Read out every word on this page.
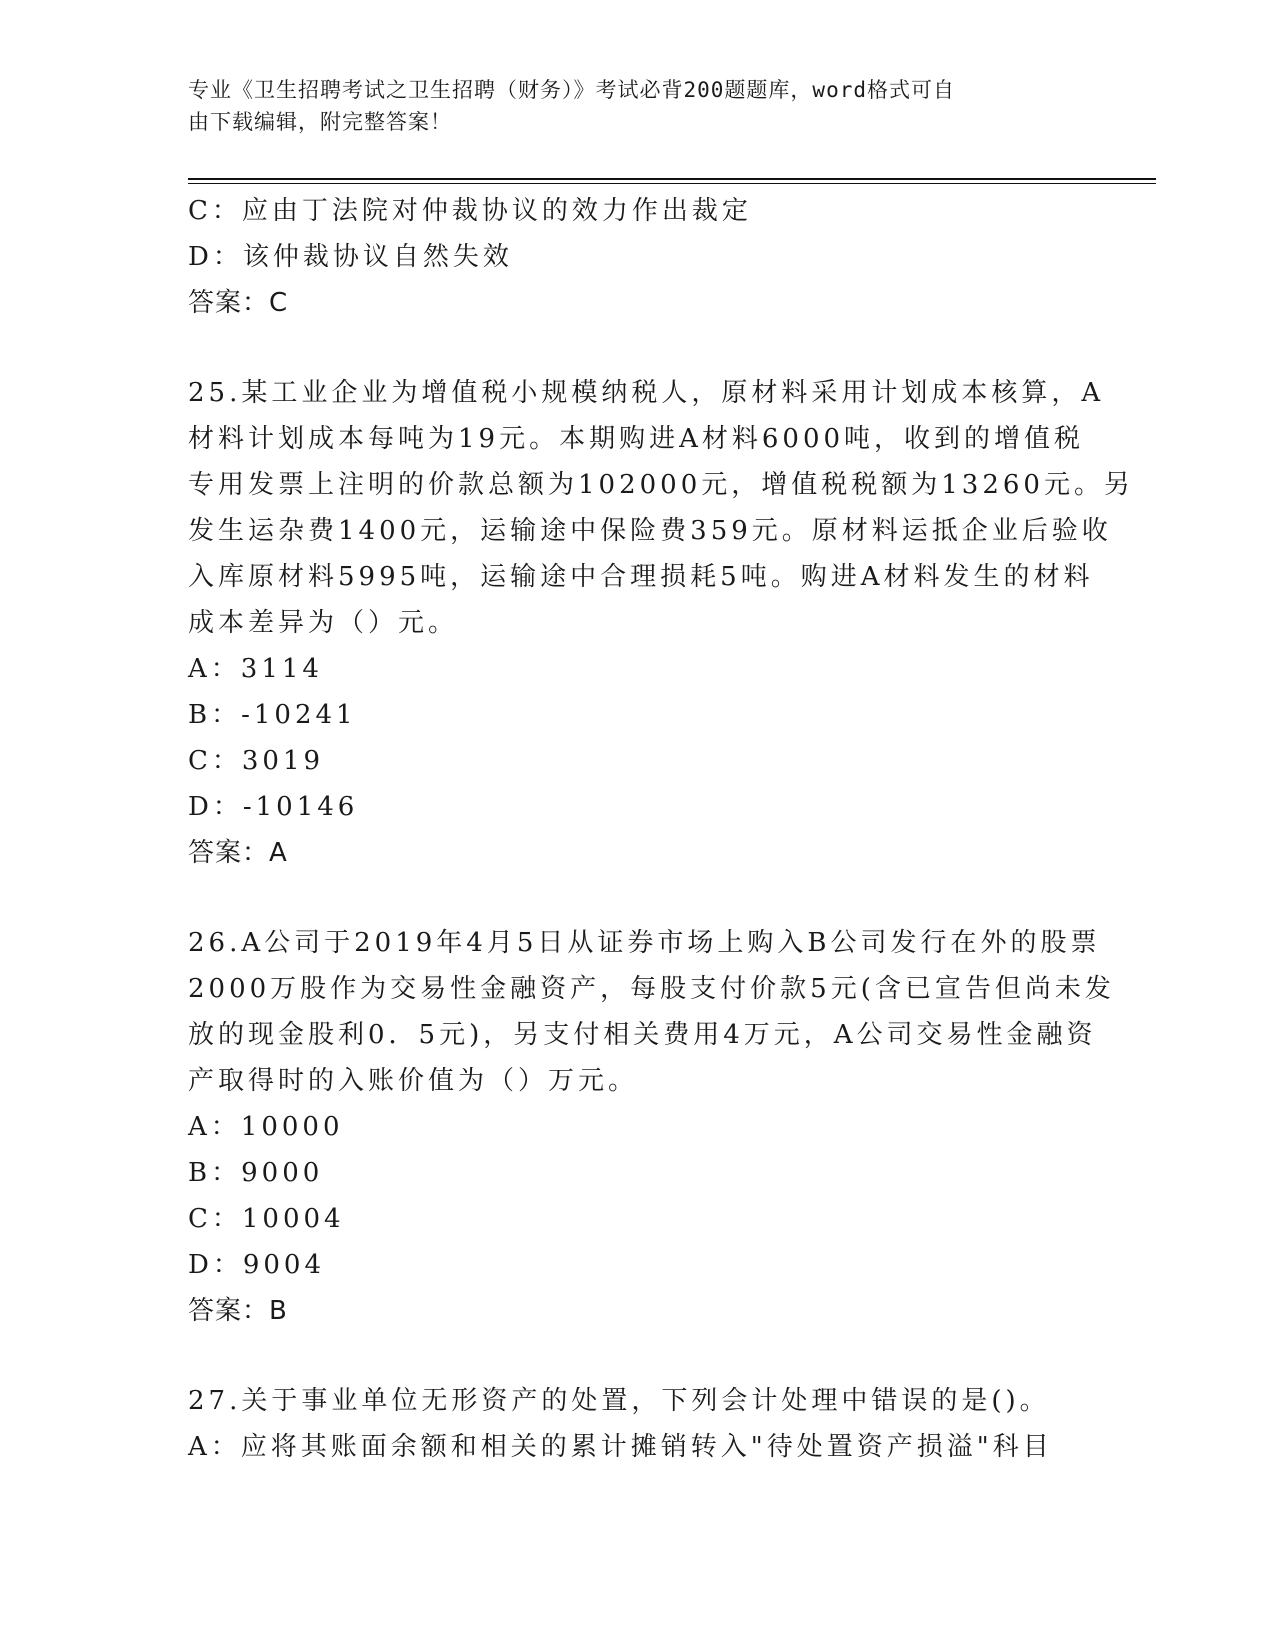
专业《卫生招聘考试之卫生招聘（财务）》考试必背200题题库，word格式可自
由下载编辑，附完整答案！
C：应由丁法院对仲裁协议的效力作出裁定
D：该仲裁协议自然失效
答案：C
25.某工业企业为增值税小规模纳税人，原材料采用计划成本核算，A
材料计划成本每吨为19元。本期购进A材料6000吨，收到的增值税
专用发票上注明的价款总额为102000元，增值税税额为13260元。另
发生运杂费1400元，运输途中保险费359元。原材料运抵企业后验收
入库原材料5995吨，运输途中合理损耗5吨。购进A材料发生的材料
成本差异为（）元。
A：3114
B：-10241
C：3019
D：-10146
答案：A
26.A公司于2019年4月5日从证券市场上购入B公司发行在外的股票
2000万股作为交易性金融资产，每股支付价款5元(含已宣告但尚未发
放的现金股利0．5元)，另支付相关费用4万元，A公司交易性金融资
产取得时的入账价值为（）万元。
A：10000
B：9000
C：10004
D：9004
答案：B
27.关于事业单位无形资产的处置，下列会计处理中错误的是()。
A：应将其账面余额和相关的累计摊销转入"待处置资产损溢"科目
